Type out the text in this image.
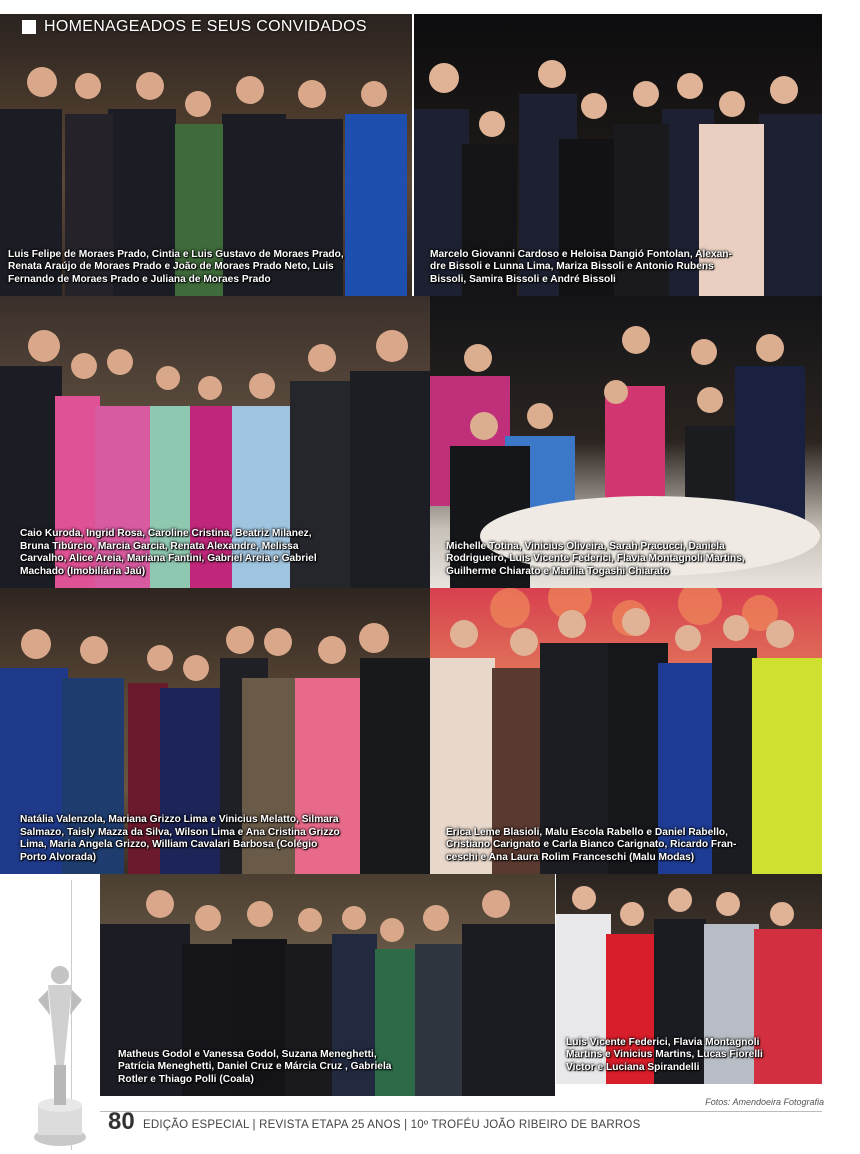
HOMENAGEADOS E SEUS CONVIDADOS
Luis Felipe de Moraes Prado, Cintia e Luis Gustavo de Moraes Prado,
Renata Araújo de Moraes Prado e João de Moraes Prado Neto, Luis
Fernando de Moraes Prado e Juliana de Moraes Prado
Marcelo Giovanni Cardoso e Heloisa Dangió Fontolan, Alexan-
dre Bissoli e Lunna Lima, Mariza Bissoli e Antonio Rubens
Bissoli, Samira Bissoli e André Bissoli
Caio Kuroda, Ingrid Rosa, Caroline Cristina, Beatriz Milanez,
Bruna Tibúrcio, Marcia Garcia, Renata Alexandre, Melissa
Carvalho, Alice Areia, Mariana Fantini, Gabriel Areia e Gabriel
Machado (Imobiliária Jaú)
Michelle Totina, Vinicius Oliveira, Sarah Pracucci, Daniela
Rodrigueiro, Luis Vicente Federici, Flavia Montagnoli Martins,
Guilherme Chiarato e Marilia Togashi Chiarato
Natália Valenzola, Mariana Grizzo Lima e Vinicius Melatto, Silmara
Salmazo, Taisly Mazza da Silva, Wilson Lima e Ana Cristina Grizzo
Lima, Maria Angela Grizzo, William Cavalari Barbosa (Colégio
Porto Alvorada)
Erica Leme Blasioli, Malu Escola Rabello e Daniel Rabello,
Cristiano Carignato e Carla Bianco Carignato, Ricardo Fran-
ceschi e Ana Laura Rolim Franceschi (Malu Modas)
Matheus Godol e Vanessa Godol, Suzana Meneghetti,
Patrícia Meneghetti, Daniel Cruz e Márcia Cruz , Gabriela
Rotler e Thiago Polli (Coala)
Luis Vicente Federici, Flavia Montagnoli
Martins e Vinicius Martins, Lucas Fiorelli
Victor e Luciana Spirandelli
Fotos: Amendoeira Fotografia
80 EDIÇÃO ESPECIAL | REVISTA ETAPA 25 ANOS | 10º TROFÉU JOÃO RIBEIRO DE BARROS
